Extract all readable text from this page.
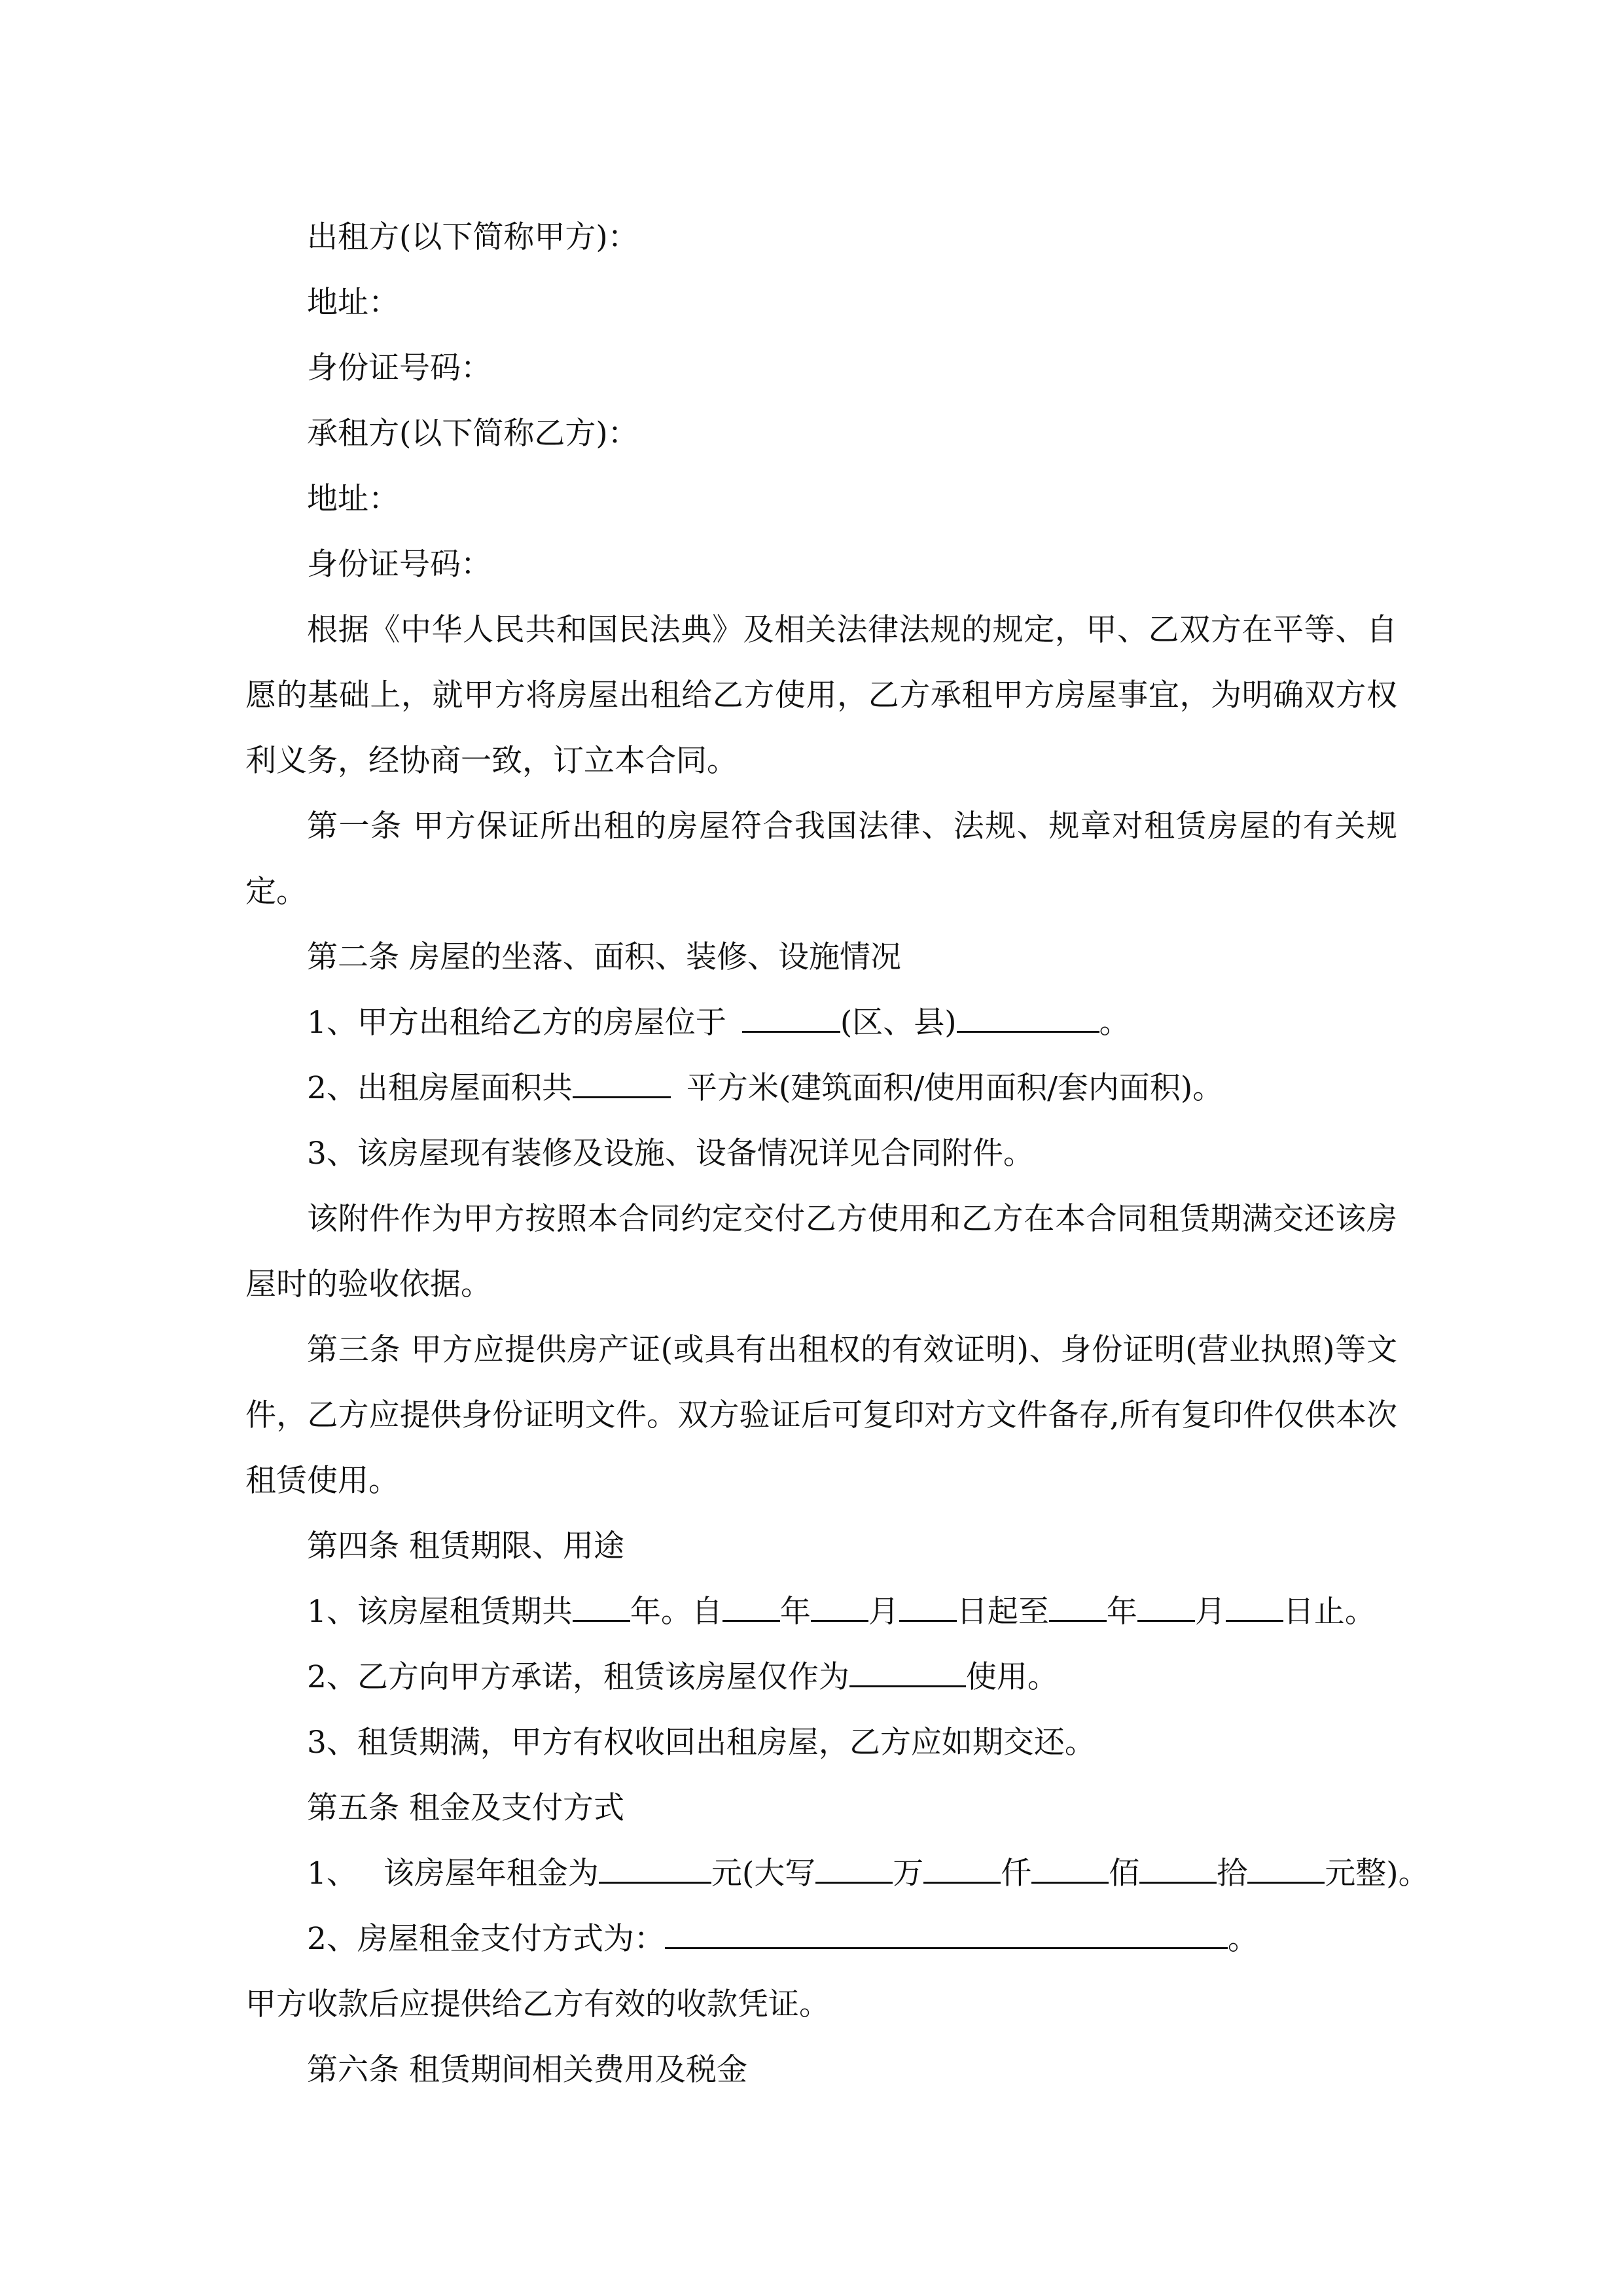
出租方(以下简称甲方)：

地址：

身份证号码：

承租方(以下简称乙方)：

地址：

身份证号码：

根据《中华人民共和国民法典》及相关法律法规的规定，甲、乙双方在平等、自愿的基础上，就甲方将房屋出租给乙方使用，乙方承租甲方房屋事宜，为明确双方权利义务，经协商一致，订立本合同。

第一条 甲方保证所出租的房屋符合我国法律、法规、规章对租赁房屋的有关规定。

第二条 房屋的坐落、面积、装修、设施情况

1、甲方出租给乙方的房屋位于	(区、县)	。

2、出租房屋面积共	平方米(建筑面积/使用面积/套内面积)。

3、该房屋现有装修及设施、设备情况详见合同附件。

该附件作为甲方按照本合同约定交付乙方使用和乙方在本合同租赁期满交还该房屋时的验收依据。

第三条 甲方应提供房产证(或具有出租权的有效证明)、身份证明(营业执照)等文件，乙方应提供身份证明文件。双方验证后可复印对方文件备存,所有复印件仅供本次租赁使用。

第四条 租赁期限、用途

1、该房屋租赁期共 年。自 年 月 日起至 年 月 日止。

2、乙方向甲方承诺，租赁该房屋仅作为	使用。

3、租赁期满，甲方有权收回出租房屋，乙方应如期交还。

第五条 租金及支付方式

1、 该房屋年租金为	元(大写	万	仟	佰	拾	元整)。

2、房屋租金支付方式为：	。

甲方收款后应提供给乙方有效的收款凭证。

第六条 租赁期间相关费用及税金
